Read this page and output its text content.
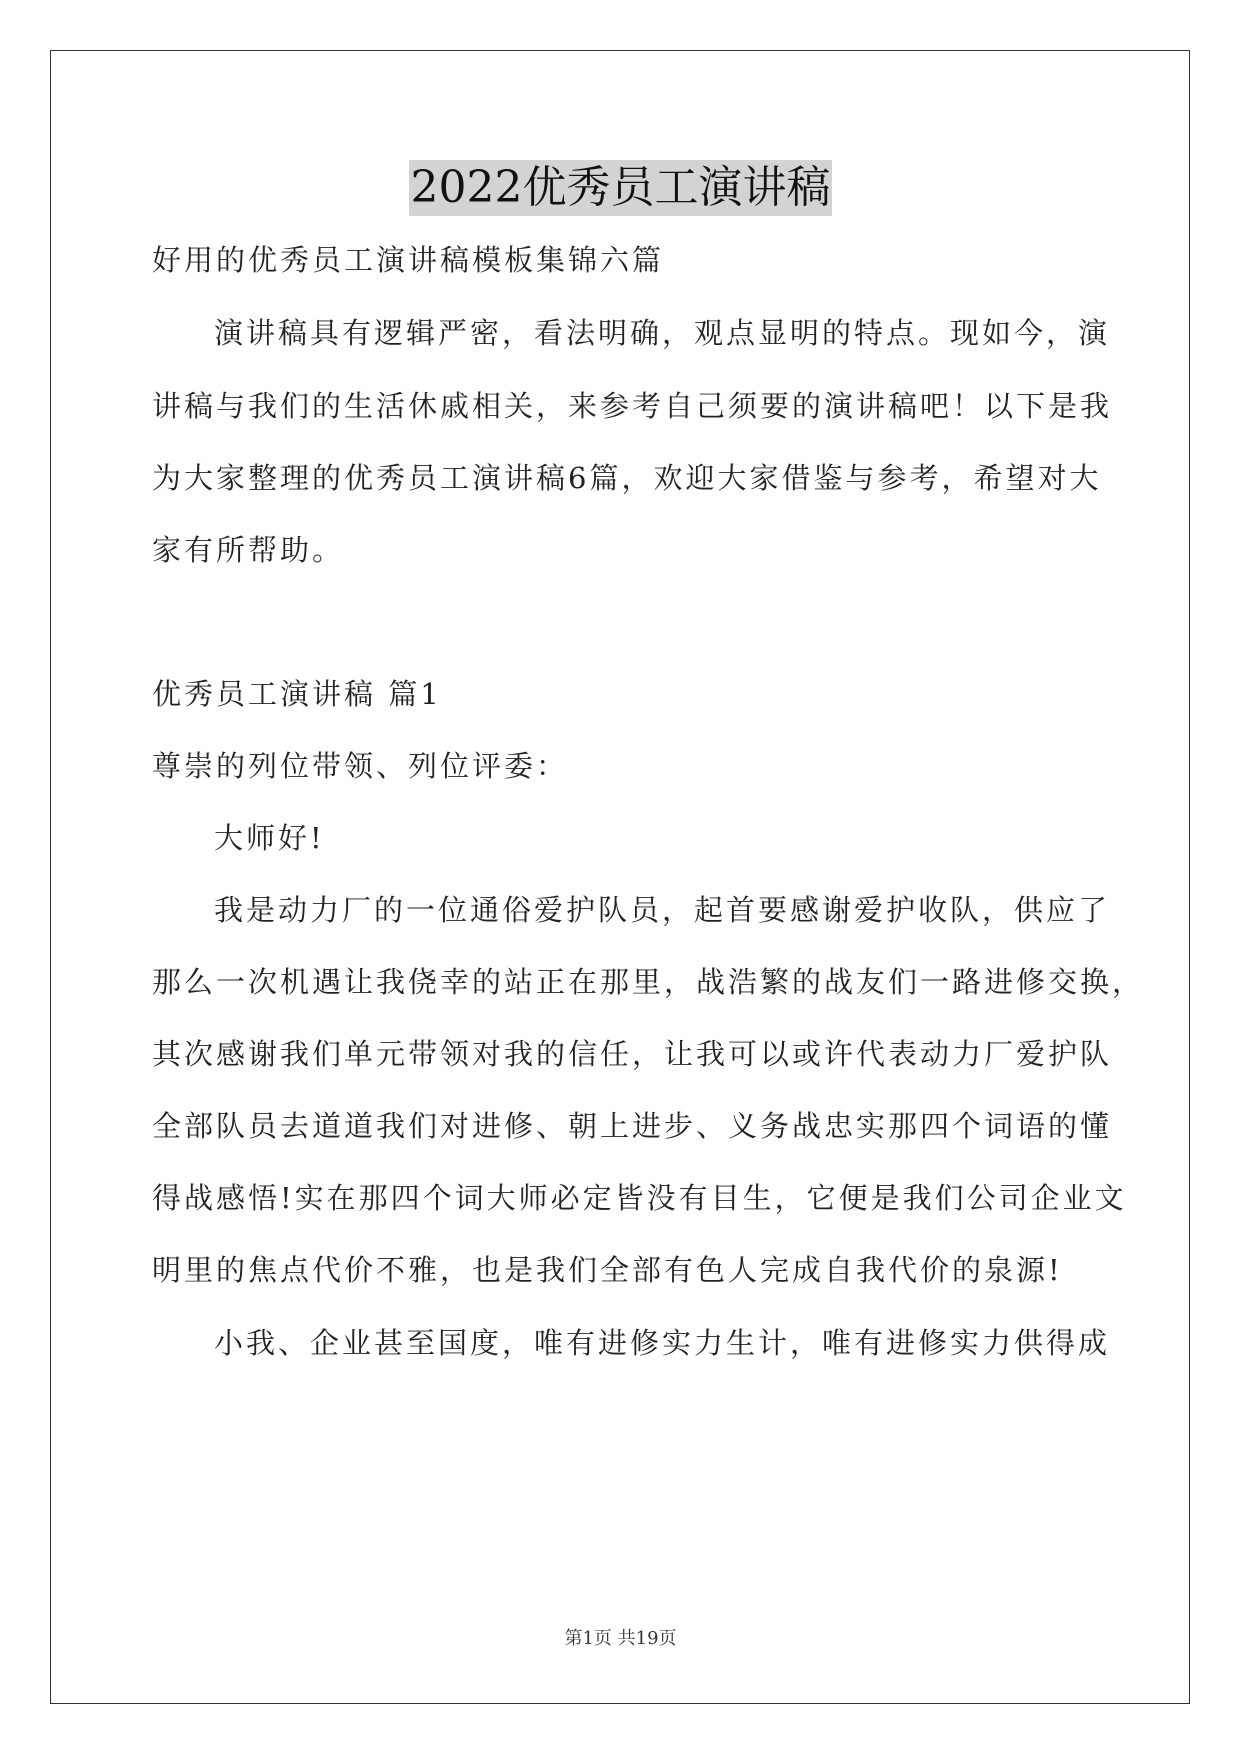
2022优秀员工演讲稿
好用的优秀员工演讲稿模板集锦六篇
演讲稿具有逻辑严密，看法明确，观点显明的特点。现如今，演
讲稿与我们的生活休戚相关，来参考自己须要的演讲稿吧！以下是我
为大家整理的优秀员工演讲稿6篇，欢迎大家借鉴与参考，希望对大
家有所帮助。
优秀员工演讲稿 篇1
尊崇的列位带领、列位评委：
大师好!
我是动力厂的一位通俗爱护队员，起首要感谢爱护收队，供应了
那么一次机遇让我侥幸的站正在那里，战浩繁的战友们一路进修交换，
其次感谢我们单元带领对我的信任，让我可以或许代表动力厂爱护队
全部队员去道道我们对进修、朝上进步、义务战忠实那四个词语的懂
得战感悟!实在那四个词大师必定皆没有目生，它便是我们公司企业文
明里的焦点代价不雅，也是我们全部有色人完成自我代价的泉源!
小我、企业甚至国度，唯有进修实力生计，唯有进修实力供得成
第1页 共19页
